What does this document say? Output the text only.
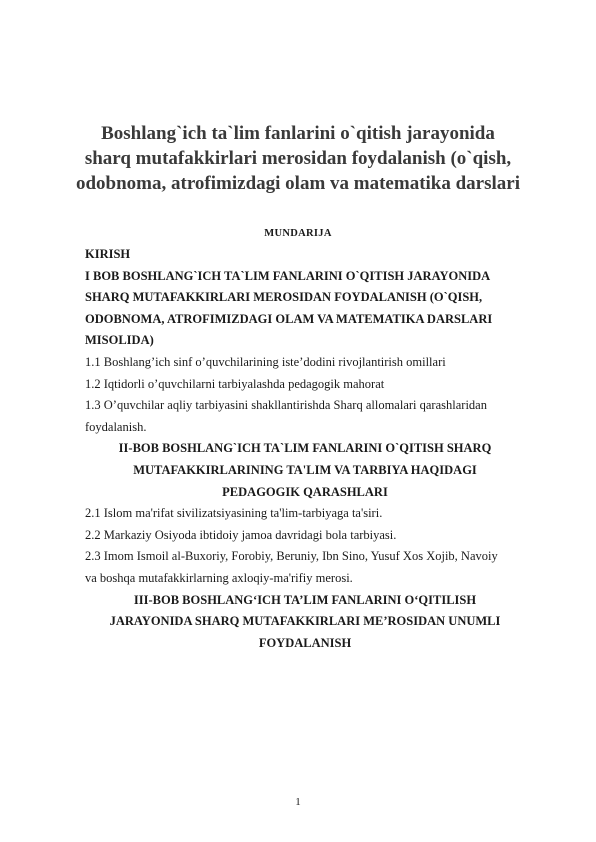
Boshlang`ich ta`lim fanlarini o`qitish jarayonida
sharq mutafakkirlari merosidan foydalanish (o`qish,
odobnoma, atrofimizdagi olam va matematika darslari
MUNDARIJA
KIRISH
I BOB BOSHLANG`ICH TA`LIM FANLARINI O`QITISH JARAYONIDA
SHARQ MUTAFAKKIRLARI MEROSIDAN FOYDALANISH (O`QISH,
ODOBNOMA, ATROFIMIZDAGI OLAM VA MATEMATIKA DARSLARI
MISOLIDA)
1.1 Boshlang’ich sinf o’quvchilarining iste’dodini rivojlantirish omillari
1.2 Iqtidorli o’quvchilarni tarbiyalashda pedagogik mahorat
1.3 O’quvchilar aqliy tarbiyasini shakllantirishda Sharq allomalari qarashlaridan
foydalanish.
II-BOB BOSHLANG`ICH TA`LIM FANLARINI O`QITISH SHARQ
MUTAFAKKIRLARINING TA'LIM VA TARBIYA HAQIDAGI
PEDAGOGIK QARASHLARI
2.1 Islom ma'rifat sivilizatsiyasining ta'lim-tarbiyaga ta'siri.
2.2 Markaziy Osiyoda ibtidoiy jamoa davridagi bola tarbiyasi.
2.3 Imom Ismoil al-Buxoriy, Forobiy, Beruniy, Ibn Sino, Yusuf Xos Xojib, Navoiy
va boshqa mutafakkirlarning axloqiy-ma'rifiy merosi.
III-BOB BOSHLANG‘ICH TA’LIM FANLARINI O‘QITILISH
JARAYONIDA SHARQ MUTAFAKKIRLARI ME’ROSIDAN UNUMLI
FOYDALANISH
1
